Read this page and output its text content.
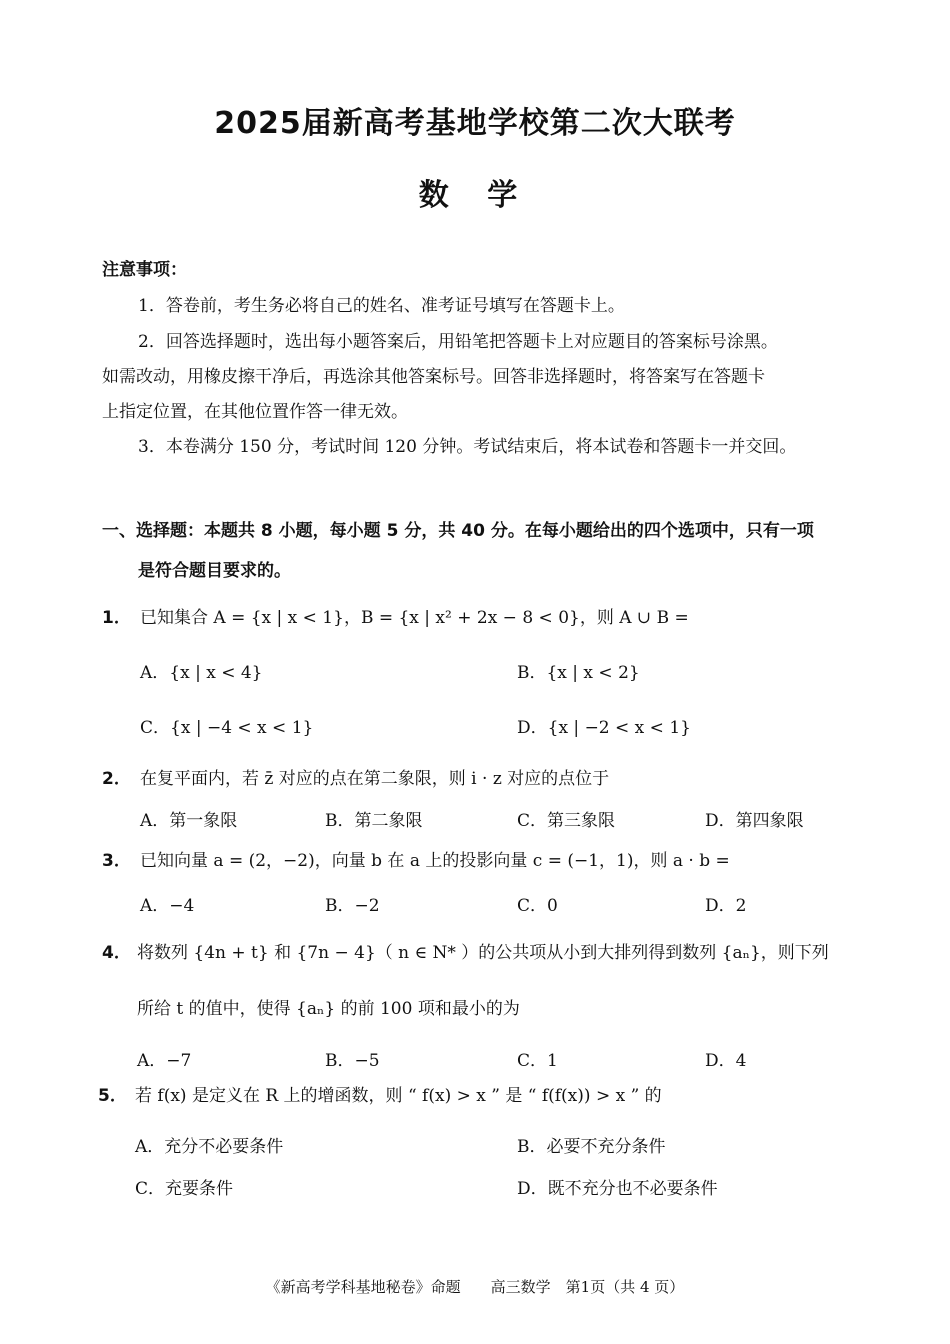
2025届新高考基地学校第二次大联考
数 学
注意事项：
1．答卷前，考生务必将自己的姓名、准考证号填写在答题卡上。
2．回答选择题时，选出每小题答案后，用铅笔把答题卡上对应题目的答案标号涂黑。
如需改动，用橡皮擦干净后，再选涂其他答案标号。回答非选择题时，将答案写在答题卡
上指定位置，在其他位置作答一律无效。
3．本卷满分 150 分，考试时间 120 分钟。考试结束后，将本试卷和答题卡一并交回。
一、选择题：本题共 8 小题，每小题 5 分，共 40 分。在每小题给出的四个选项中，只有一项
是符合题目要求的。
1． 已知集合 A = {x | x < 1}，B = {x | x² + 2x − 8 < 0}，则 A ∪ B =
A．{x | x < 4}	B．{x | x < 2}
C．{x | −4 < x < 1}	D．{x | −2 < x < 1}
2． 在复平面内，若 z̄ 对应的点在第二象限，则 i · z 对应的点位于
A．第一象限	B．第二象限	C．第三象限	D．第四象限
3． 已知向量 a = (2，−2)，向量 b 在 a 上的投影向量 c = (−1，1)，则 a · b =
A．−4	B．−2	C．0	D．2
4． 将数列 {4n + t} 和 {7n − 4}（ n ∈ N* ）的公共项从小到大排列得到数列 {aₙ}，则下列
所给 t 的值中，使得 {aₙ} 的前 100 项和最小的为
A．−7	B．−5	C．1	D．4
5． 若 f(x) 是定义在 R 上的增函数，则 “ f(x) > x ” 是 “ f(f(x)) > x ” 的
A．充分不必要条件	B．必要不充分条件
C．充要条件	D．既不充分也不必要条件
《新高考学科基地秘卷》命题　　高三数学　第1页（共 4 页）
